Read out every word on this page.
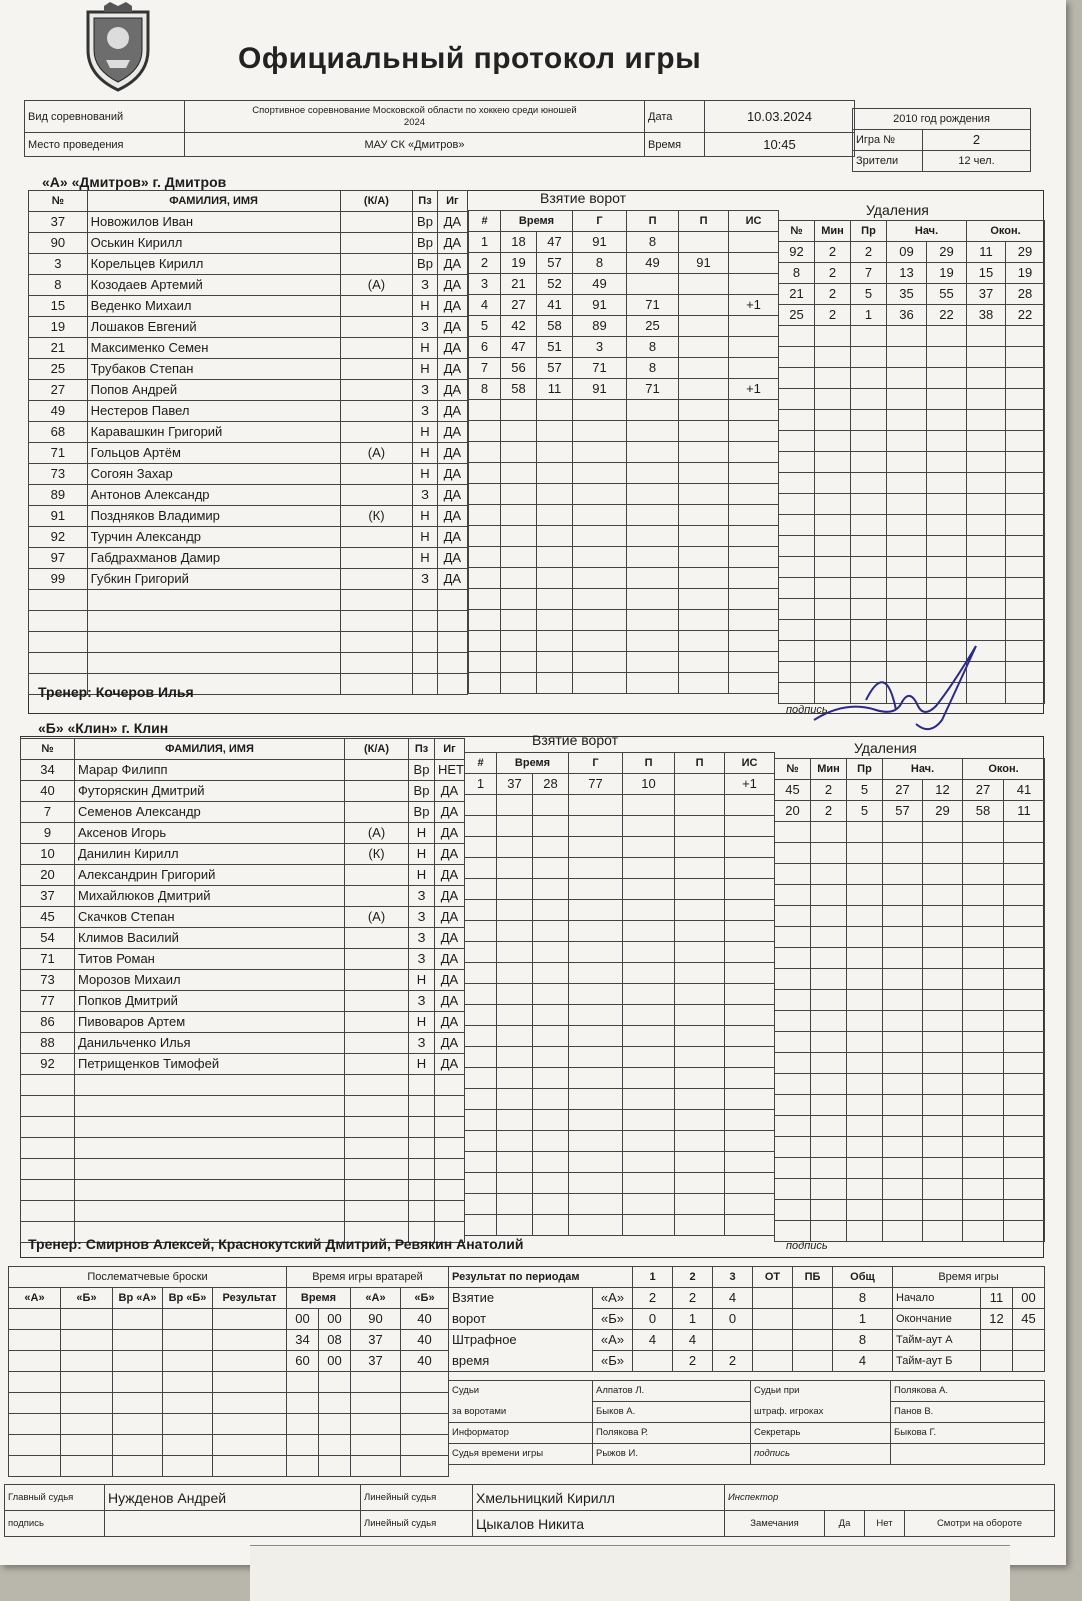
Официальный протокол игры
Вид соревнований	Спортивное соревнование Московской области по хоккею среди юношей
2024	Дата	10.03.2024
Место проведения	МАУ СК «Дмитров»	Время	10:45
2010 год рождения	
Игра №	2
Зрители	12 чел.
«А» «Дмитров» г. Дмитров
№	ФАМИЛИЯ, ИМЯ	(К/А)	Пз	Иг
37	Новожилов Иван		Вр	ДА
90	Оськин Кирилл		Вр	ДА
3	Корельцев Кирилл		Вр	ДА
8	Козодаев Артемий	(А)	З	ДА
15	Веденко Михаил		Н	ДА
19	Лошаков Евгений		З	ДА
21	Максименко Семен		Н	ДА
25	Трубаков Степан		Н	ДА
27	Попов Андрей		З	ДА
49	Нестеров Павел		З	ДА
68	Каравашкин Григорий		Н	ДА
71	Гольцов Артём	(А)	Н	ДА
73	Согоян Захар		Н	ДА
89	Антонов Александр		З	ДА
91	Поздняков Владимир	(К)	Н	ДА
92	Турчин Александр		Н	ДА
97	Габдрахманов Дамир		Н	ДА
99	Губкин Григорий		З	ДА

Взятие ворот
#	Время		Г	П	П	ИС
1	18	47	91	8		
2	19	57	8	49	91	
3	21	52	49			
4	27	41	91	71		+1
5	42	58	89	25		
6	47	51	3	8		
7	56	57	71	8		
8	58	11	91	71		+1

Удаления
№	Мин	Пр	Нач.		Окон.	
92	2	2	09	29	11	29
8	2	7	13	19	15	19
21	2	5	35	55	37	28
25	2	1	36	22	38	22

Тренер: Кочеров Илья
подпись
«Б» «Клин» г. Клин
№	ФАМИЛИЯ, ИМЯ	(К/А)	Пз	Иг
34	Марар Филипп		Вр	НЕТ
40	Футоряскин Дмитрий		Вр	ДА
7	Семенов Александр		Вр	ДА
9	Аксенов Игорь	(А)	Н	ДА
10	Данилин Кирилл	(К)	Н	ДА
20	Александрин Григорий		Н	ДА
37	Михайлюков Дмитрий		З	ДА
45	Скачков Степан	(А)	З	ДА
54	Климов Василий		З	ДА
71	Титов Роман		З	ДА
73	Морозов Михаил		Н	ДА
77	Попков Дмитрий		З	ДА
86	Пивоваров Артем		Н	ДА
88	Данильченко Илья		З	ДА
92	Петрищенков Тимофей		Н	ДА

Взятие ворот
#	Время		Г	П	П	ИС
1	37	28	77	10		+1

Удаления
№	Мин	Пр	Нач.		Окон.	
45	2	5	27	12	27	41
20	2	5	57	29	58	11

Тренер: Смирнов Алексей, Краснокутский Дмитрий, Ревякин Анатолий	подпись
Послематчевые броски				
«А»	«Б»	Вр «А»	Вр «Б»	Результат

Время игры вратарей			
Время		«А»	«Б»
00	00	90	40
34	08	37	40
60	00	37	40

Результат по периодам		1	2	3	ОТ	ПБ	Общ
Взятие	«А»	2	2	4			8
ворот	«Б»	0	1	0			1
Штрафное	«А»	4	4				8
время	«Б»		2	2			4
Время игры		
Начало	11	00
Окончание	12	45
Тайм-аут А		
Тайм-аут Б		
Судьи	Алпатов Л.	Судьи при	Полякова А.
за воротами	Быков А.	штраф. игроках	Панов В.
Информатор	Полякова Р.	Секретарь	Быкова Г.
Судья времени игры	Рыжов И.	подпись	
Главный судья	Нужденов Андрей	Линейный судья	Хмельницкий Кирилл
подпись		Линейный судья	Цыкалов Никита
Инспектор
Замечания	Да	Нет	Смотри на обороте
